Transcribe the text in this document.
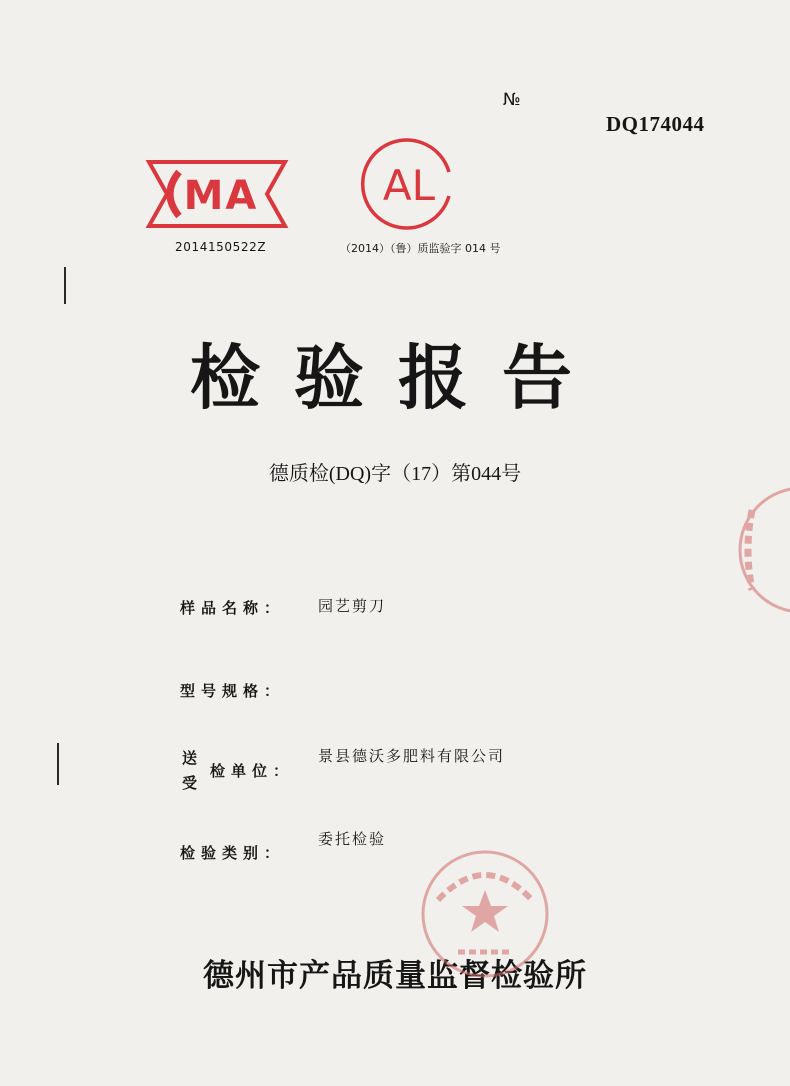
№
DQ174044
MA
2014150522Z
AL
（2014）（鲁）质监验字 014 号
检验报告
德质检(DQ)字（17）第044号
样品名称： 园艺剪刀
型号规格：
送
受
检单位：
景县德沃多肥料有限公司
检验类别：
委托检验
德州市产品质量监督检验所
